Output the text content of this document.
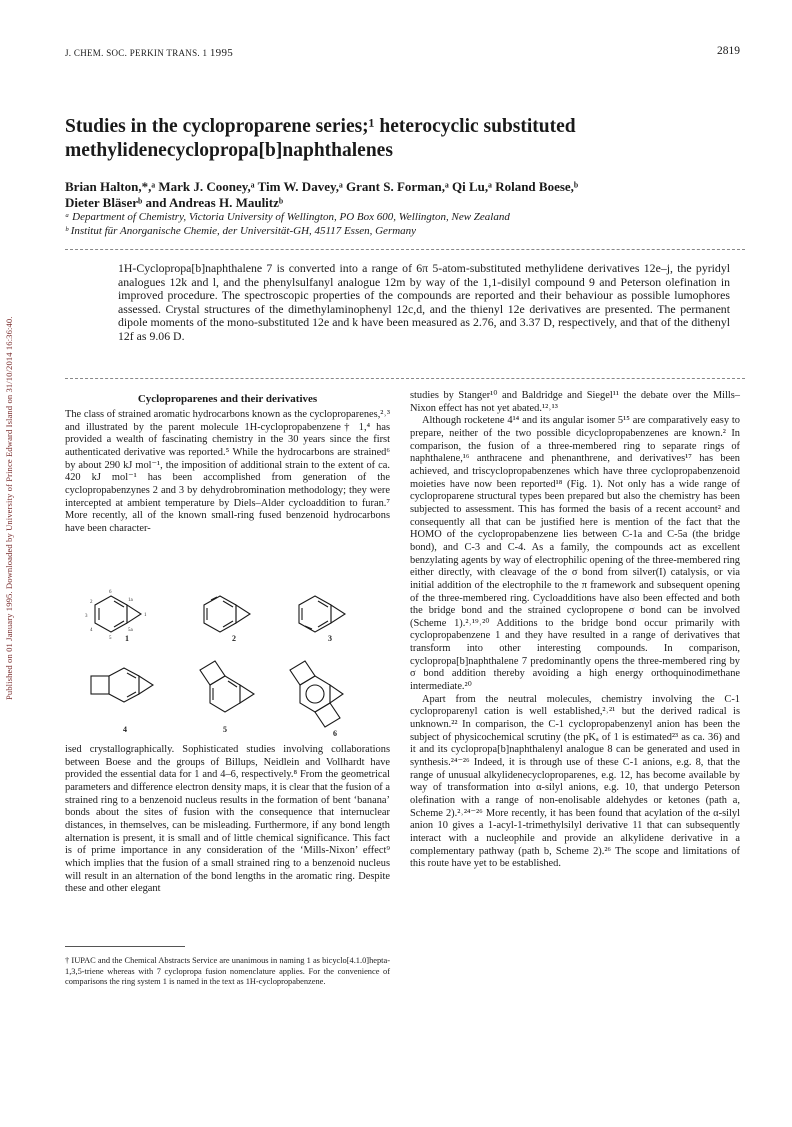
Published on 01 January 1995. Downloaded by University of Prince Edward Island on 31/10/2014 16:36:40.
J. CHEM. SOC. PERKIN TRANS. 1 1995	2819
Studies in the cycloproparene series;¹ heterocyclic substituted
methylidenecyclopropa[b]naphthalenes
Brian Halton,*,ᵃ Mark J. Cooney,ᵃ Tim W. Davey,ᵃ Grant S. Forman,ᵃ Qi Lu,ᵃ Roland Boese,ᵇ
Dieter Bläserᵇ and Andreas H. Maulitzᵇ
ᵃ Department of Chemistry, Victoria University of Wellington, PO Box 600, Wellington, New Zealand
ᵇ Institut für Anorganische Chemie, der Universität-GH, 45117 Essen, Germany
1H-Cyclopropa[b]naphthalene 7 is converted into a range of 6π 5-atom-substituted methylidene derivatives 12e–j, the pyridyl analogues 12k and l, and the phenylsulfanyl analogue 12m by way of the 1,1-disilyl compound 9 and Peterson olefination in improved procedure. The spectroscopic properties of the compounds are reported and their behaviour as possible lumophores assessed. Crystal structures of the dimethylaminophenyl 12c,d, and the thienyl 12e derivatives are presented. The permanent dipole moments of the mono-substituted 12e and k have been measured as 2.76, and 3.37 D, respectively, and that of the dithenyl 12f as 9.06 D.
Cycloproparenes and their derivatives
The class of strained aromatic hydrocarbons known as the cycloproparenes,²˒³ and illustrated by the parent molecule 1H-cyclopropabenzene† 1,⁴ has provided a wealth of fascinating chemistry in the 30 years since the first authenticated derivative was reported.⁵ While the hydrocarbons are strained⁶ by about 290 kJ mol⁻¹, the imposition of additional strain to the extent of ca. 420 kJ mol⁻¹ has been accomplished from generation of the cyclopropabenzynes 2 and 3 by dehydrobromination methodology; they were intercepted at ambient temperature by Diels–Alder cycloaddition to furan.⁷ More recently, all of the known small-ring fused benzenoid hydrocarbons have been character-
2
3
4
5
6
1
1a
5a
1	2	3
4	5	6
ised crystallographically. Sophisticated studies involving collaborations between Boese and the groups of Billups, Neidlein and Vollhardt have provided the essential data for 1 and 4–6, respectively.⁸ From the geometrical parameters and difference electron density maps, it is clear that the fusion of a strained ring to a benzenoid nucleus results in the formation of bent ‘banana’ bonds about the sites of fusion with the consequence that internuclear distances, in themselves, can be misleading. Furthermore, if any bond length alternation is present, it is small and of little chemical significance. This fact is of prime importance in any consideration of the ‘Mills-Nixon’ effect⁹ which implies that the fusion of a small strained ring to a benzenoid nucleus will result in an alternation of the bond lengths in the aromatic ring. Despite these and other elegant
† IUPAC and the Chemical Abstracts Service are unanimous in naming 1 as bicyclo[4.1.0]hepta-1,3,5-triene whereas with 7 cyclopropa fusion nomenclature applies. For the convenience of comparisons the ring system 1 is named in the text as 1H-cyclopropabenzene.
studies by Stanger¹⁰ and Baldridge and Siegel¹¹ the debate over the Mills–Nixon effect has not yet abated.¹²˒¹³
Although rocketene 4¹⁴ and its angular isomer 5¹⁵ are comparatively easy to prepare, neither of the two possible dicyclopropabenzenes are known.² In comparison, the fusion of a three-membered ring to separate rings of naphthalene,¹⁶ anthracene and phenanthrene, and derivatives¹⁷ has been achieved, and triscyclopropabenzenes which have three cyclopropabenzenoid moieties have now been reported¹⁸ (Fig. 1). Not only has a wide range of cycloproparene structural types been prepared but also the chemistry has been subjected to assessment. This has formed the basis of a recent account² and consequently all that can be justified here is mention of the fact that the HOMO of the cyclopropabenzene lies between C-1a and C-5a (the bridge bond), and C-3 and C-4. As a family, the compounds act as excellent benzylating agents by way of electrophilic opening of the three-membered ring either directly, with cleavage of the σ bond from silver(I) catalysis, or via initial addition of the electrophile to the π framework and subsequent opening of the three-membered ring. Cycloadditions have also been effected and both the bridge bond and the strained cyclopropene σ bond can be involved (Scheme 1).²˒¹⁹˒²⁰ Additions to the bridge bond occur primarily with cyclopropabenzene 1 and they have resulted in a range of derivatives that transform into other interesting compounds. In comparison, cyclopropa[b]naphthalene 7 predominantly opens the three-membered ring by σ bond addition thereby avoiding a high energy orthoquinodimethane intermediate.²⁰
Apart from the neutral molecules, chemistry involving the C-1 cycloproparenyl cation is well established,²˒²¹ but the derived radical is unknown.²² In comparison, the C-1 cyclopropabenzenyl anion has been the subject of physicochemical scrutiny (the pKₐ of 1 is estimated²³ as ca. 36) and it and its cyclopropa[b]naphthalenyl analogue 8 can be generated and used in synthesis.²⁴⁻²⁶ Indeed, it is through use of these C-1 anions, e.g. 8, that the range of unusual alkylidenecycloproparenes, e.g. 12, has become available by way of transformation into α-silyl anions, e.g. 10, that undergo Peterson olefination with a range of non-enolisable aldehydes or ketones (path a, Scheme 2).²˒²⁴⁻²⁶ More recently, it has been found that acylation of the α-silyl anion 10 gives a 1-acyl-1-trimethylsilyl derivative 11 that can subsequently interact with a nucleophile and provide an alkylidene derivative in a complementary pathway (path b, Scheme 2).²⁶ The scope and limitations of this route have yet to be established.
